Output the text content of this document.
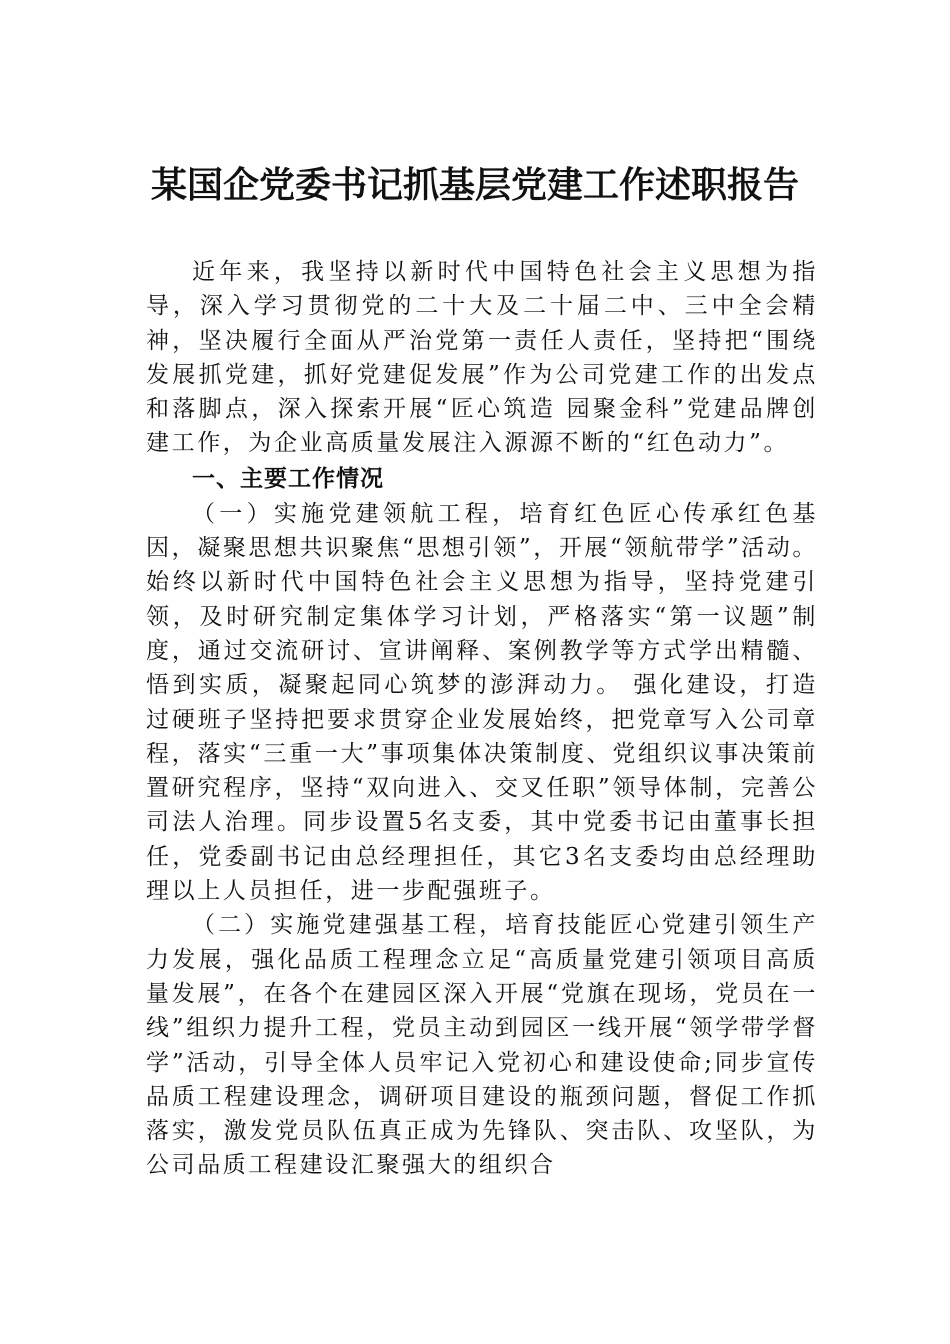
某国企党委书记抓基层党建工作述职报告

近年来，我坚持以新时代中国特色社会主义思想为指导，深入学习贯彻党的二十大及二十届二中、三中全会精神，坚决履行全面从严治党第一责任人责任，坚持把“围绕发展抓党建，抓好党建促发展”作为公司党建工作的出发点和落脚点，深入探索开展“匠心筑造 园聚金科”党建品牌创建工作，为企业高质量发展注入源源不断的“红色动力”。

一、主要工作情况

（一）实施党建领航工程，培育红色匠心传承红色基因，凝聚思想共识聚焦“思想引领”，开展“领航带学”活动。始终以新时代中国特色社会主义思想为指导，坚持党建引领，及时研究制定集体学习计划，严格落实“第一议题”制度，通过交流研讨、宣讲阐释、案例教学等方式学出精髓、悟到实质，凝聚起同心筑梦的澎湃动力。 强化建设，打造过硬班子坚持把要求贯穿企业发展始终，把党章写入公司章程，落实“三重一大”事项集体决策制度、党组织议事决策前置研究程序，坚持“双向进入、交叉任职”领导体制，完善公司法人治理。同步设置5名支委，其中党委书记由董事长担任，党委副书记由总经理担任，其它3名支委均由总经理助理以上人员担任，进一步配强班子。

（二）实施党建强基工程，培育技能匠心党建引领生产力发展，强化品质工程理念立足“高质量党建引领项目高质量发展”，在各个在建园区深入开展“党旗在现场，党员在一线”组织力提升工程，党员主动到园区一线开展“领学带学督学”活动，引导全体人员牢记入党初心和建设使命;同步宣传品质工程建设理念，调研项目建设的瓶颈问题，督促工作抓落实，激发党员队伍真正成为先锋队、突击队、攻坚队，为公司品质工程建设汇聚强大的组织合
